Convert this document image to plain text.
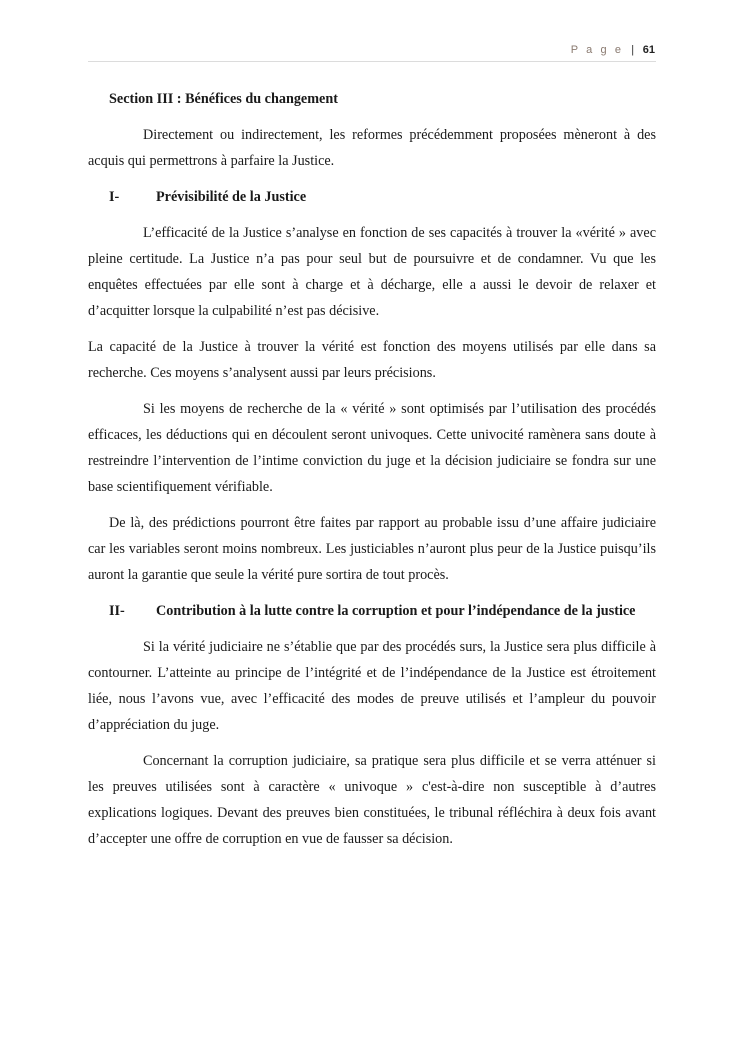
P a g e | 61

Section III : Bénéfices du changement

Directement ou indirectement, les reformes précédemment proposées mèneront à des acquis qui permettrons à parfaire la Justice.

I-	Prévisibilité de la Justice

L’efficacité de la Justice s’analyse en fonction de ses capacités à trouver la «vérité » avec pleine certitude. La Justice n’a pas pour seul but de poursuivre et de condamner. Vu que les enquêtes effectuées par elle sont à charge et à décharge, elle a aussi le devoir de relaxer et d’acquitter lorsque la culpabilité n’est pas décisive.

La capacité de la Justice à trouver la vérité est fonction des moyens utilisés par elle dans sa recherche. Ces moyens s’analysent aussi par leurs précisions.

Si les moyens de recherche de la « vérité » sont optimisés par l’utilisation des procédés efficaces, les déductions qui en découlent seront univoques. Cette univocité ramènera sans doute à restreindre l’intervention de l’intime conviction du juge et la décision judiciaire se fondra sur une base scientifiquement vérifiable.

De là, des prédictions pourront être faites par rapport au probable issu d’une affaire judiciaire car les variables seront moins nombreux. Les justiciables n’auront plus peur de la Justice puisqu’ils auront la garantie que seule la vérité pure sortira de tout procès.

II-	Contribution à la lutte contre la corruption et pour l’indépendance de la justice

Si la vérité judiciaire ne s’établie que par des procédés surs, la Justice sera plus difficile à contourner. L’atteinte au principe de l’intégrité et de l’indépendance de la Justice est étroitement liée, nous l’avons vue, avec l’efficacité des modes de preuve utilisés et l’ampleur du pouvoir d’appréciation du juge.

Concernant la corruption judiciaire, sa pratique sera plus difficile et se verra atténuer si les preuves utilisées sont à caractère « univoque » c'est-à-dire non susceptible à d’autres explications logiques. Devant des preuves bien constituées, le tribunal réfléchira à deux fois avant d’accepter une offre de corruption en vue de fausser sa décision.
